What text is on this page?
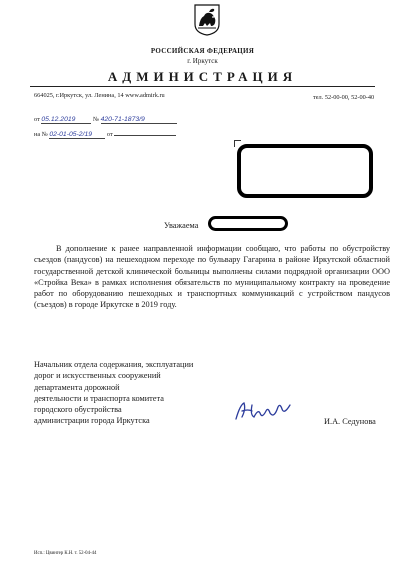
РОССИЙСКАЯ ФЕДЕРАЦИЯ
г. Иркутск
АДМИНИСТРАЦИЯ
664025, г.Иркутск, ул. Ленина, 14 www.admirk.ru	тел. 52-00-00, 52-00-40
от 05.12.2019	№ 420-71-1873/9
на № 02-01-05-2/19 от
Уважаема
В дополнение к ранее направленной информации сообщаю, что работы по обустройству съездов (пандусов) на пешеходном переходе по бульвару Гагарина в районе Иркутской областной государственной детской клинической больницы выполнены силами подрядной организации ООО «Стройка Века» в рамках исполнения обязательств по муниципальному контракту на проведение работ по оборудованию пешеходных и транспортных коммуникаций с устройством пандусов (съездов) в городе Иркутске в 2019 году.
Начальник отдела содержания, эксплуатации
дорог и искусственных сооружений
департамента дорожной
деятельности и транспорта комитета
городского обустройства
администрации города Иркутска	И.А. Седунова
Исп.: Цвингер К.Н. т. 52-04-44
